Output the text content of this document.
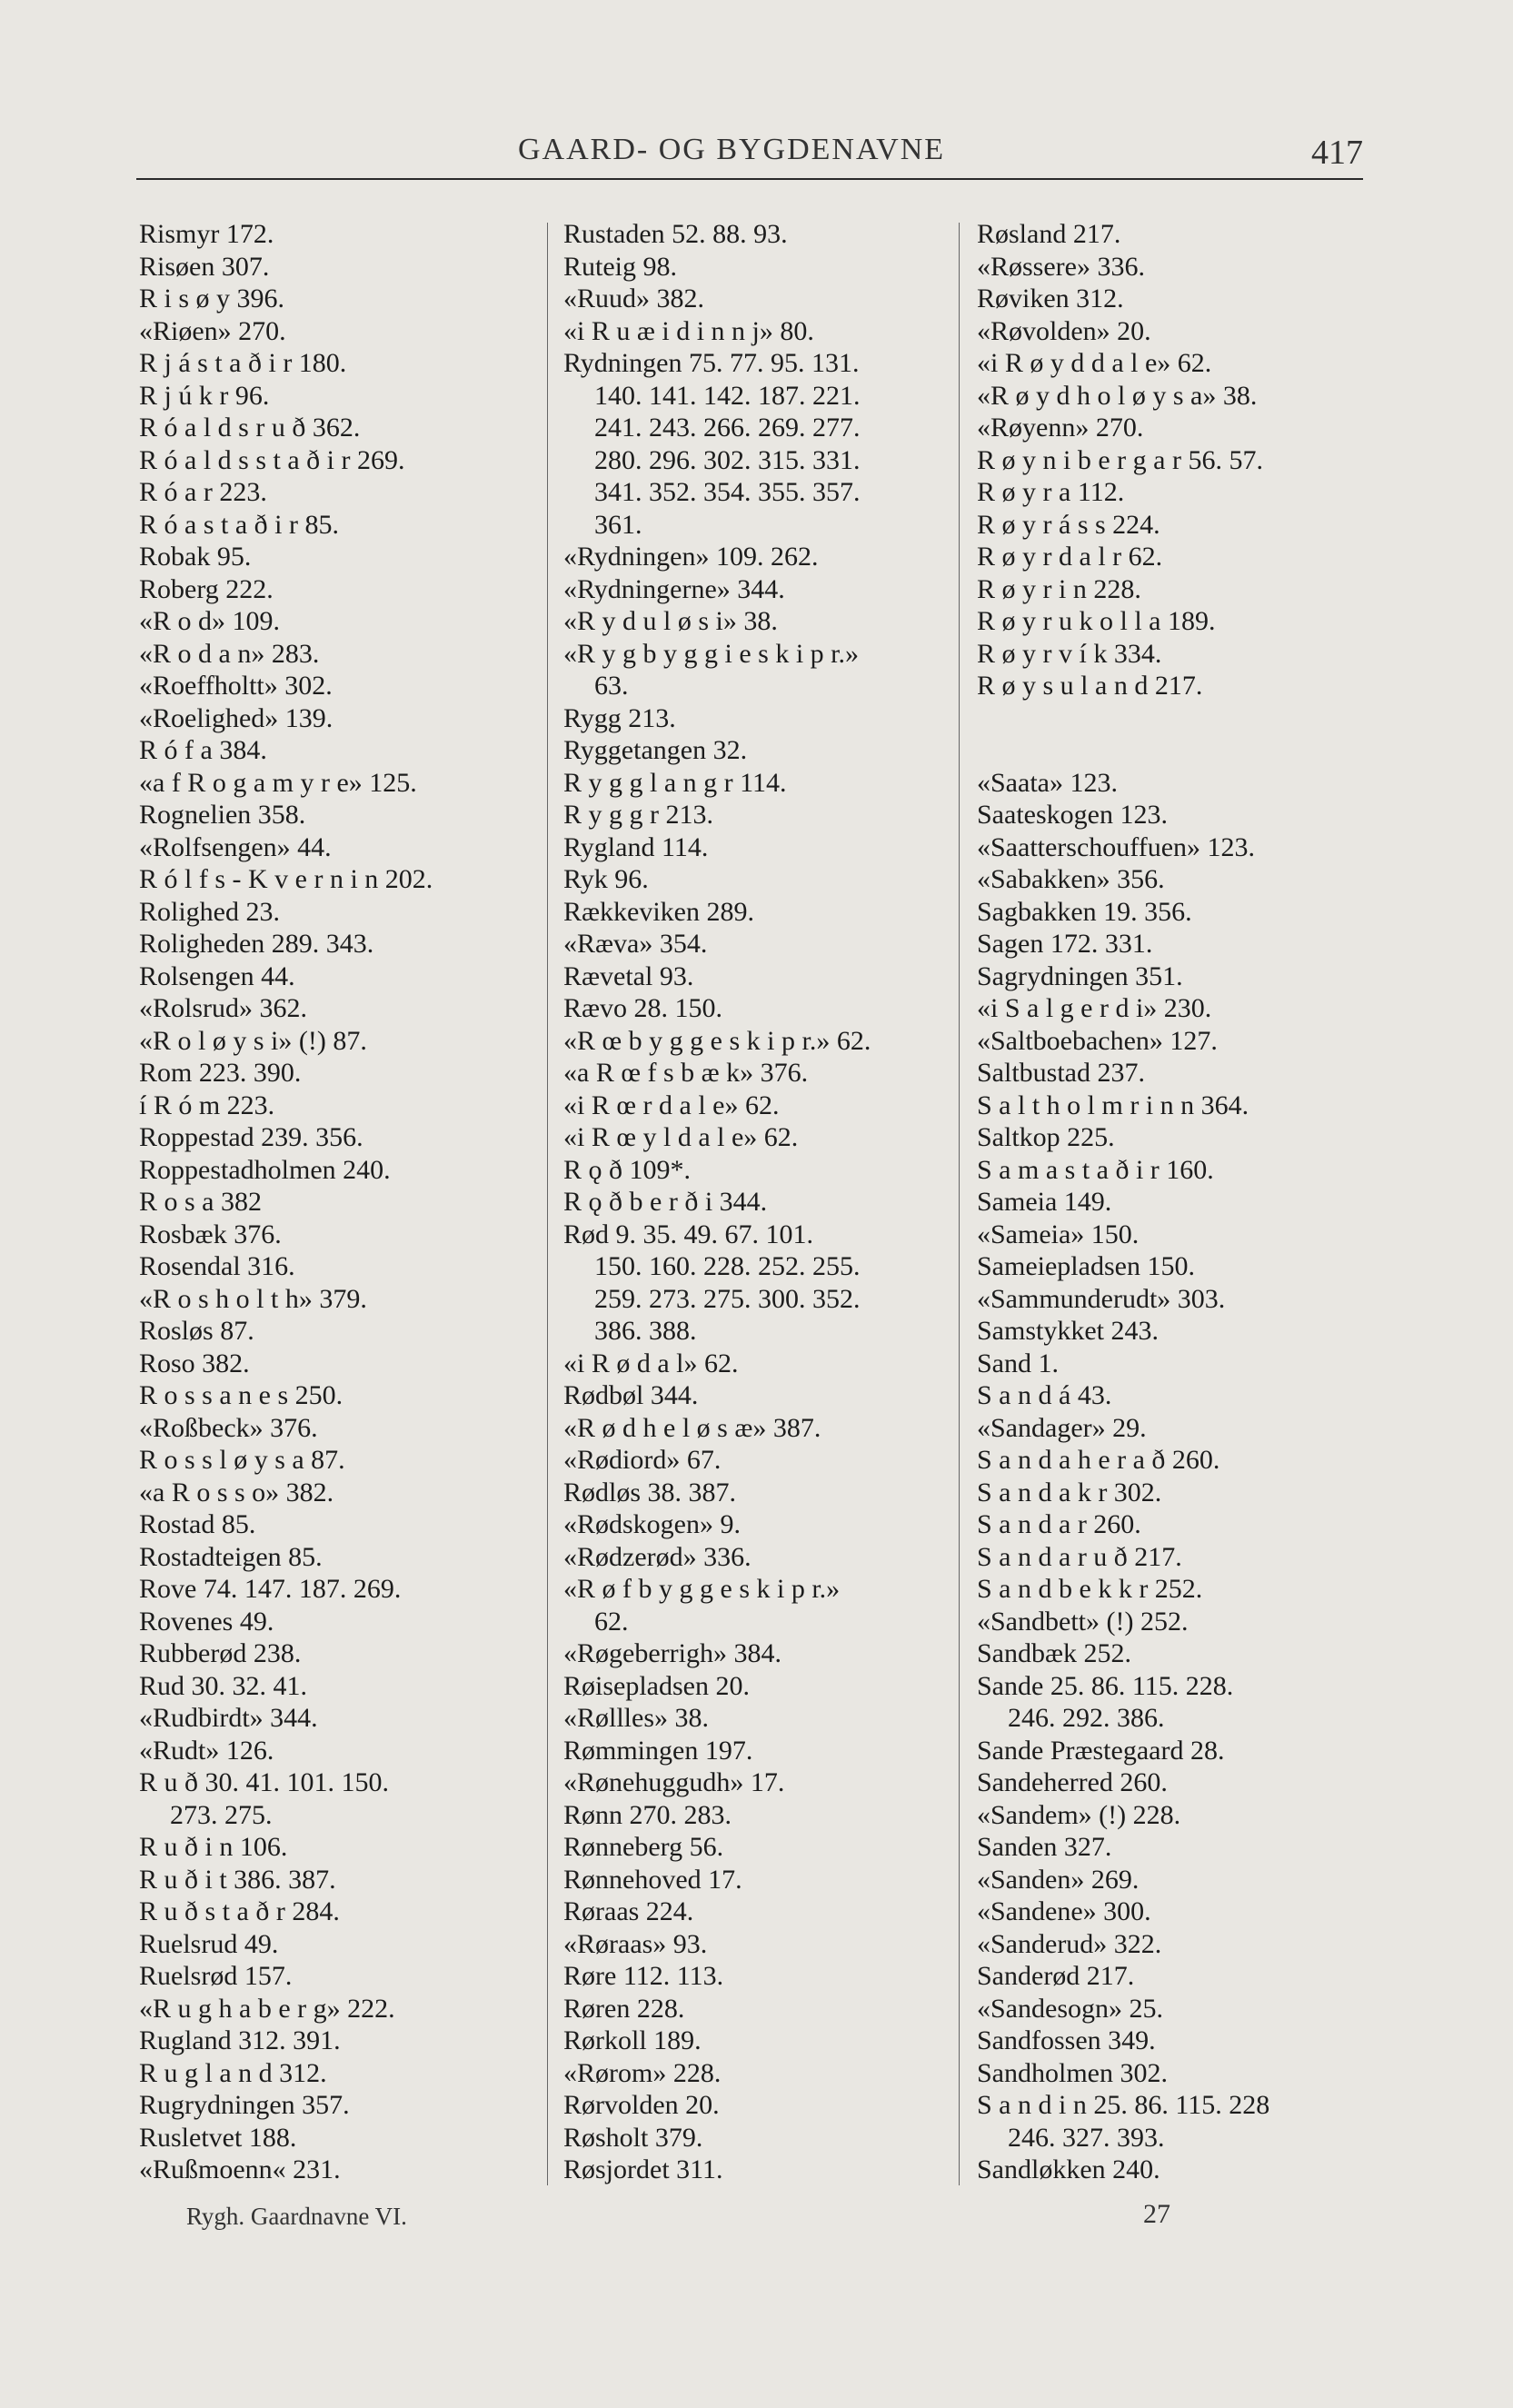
GAARD- OG BYGDENAVNE	417
Rismyr 172.
Risøen 307.
R i s ø y 396.
«Riøen» 270.
R j á s t a ð i r 180.
R j ú k r 96.
R ó a l d s r u ð 362.
R ó a l d s s t a ð i r 269.
R ó a r 223.
R ó a s t a ð i r 85.
Robak 95.
Roberg 222.
«R o d» 109.
«R o d a n» 283.
«Roeffholtt» 302.
«Roelighed» 139.
R ó f a 384.
«a f R o g a m y r e» 125.
Rognelien 358.
«Rolfsengen» 44.
R ó l f s - K v e r n i n 202.
Rolighed 23.
Roligheden 289. 343.
Rolsengen 44.
«Rolsrud» 362.
«R o l ø y s i» (!) 87.
Rom 223. 390.
í R ó m 223.
Roppestad 239. 356.
Roppestadholmen 240.
R o s a 382
Rosbæk 376.
Rosendal 316.
«R o s h o l t h» 379.
Rosløs 87.
Roso 382.
R o s s a n e s 250.
«Roßbeck» 376.
R o s s l ø y s a 87.
«a R o s s o» 382.
Rostad 85.
Rostadteigen 85.
Rove 74. 147. 187. 269.
Rovenes 49.
Rubberød 238.
Rud 30. 32. 41.
«Rudbirdt» 344.
«Rudt» 126.
R u ð 30. 41. 101. 150.
273. 275.
R u ð i n 106.
R u ð i t 386. 387.
R u ð s t a ð r 284.
Ruelsrud 49.
Ruelsrød 157.
«R u g h a b e r g» 222.
Rugland 312. 391.
R u g l a n d 312.
Rugrydningen 357.
Rusletvet 188.
«Rußmoenn« 231.
Rustaden 52. 88. 93.
Ruteig 98.
«Ruud» 382.
«i R u æ i d i n n j» 80.
Rydningen 75. 77. 95. 131.
140. 141. 142. 187. 221.
241. 243. 266. 269. 277.
280. 296. 302. 315. 331.
341. 352. 354. 355. 357.
361.
«Rydningen» 109. 262.
«Rydningerne» 344.
«R y d u l ø s i» 38.
«R y g b y g g i e s k i p r.»
63.
Rygg 213.
Ryggetangen 32.
R y g g l a n g r 114.
R y g g r 213.
Rygland 114.
Ryk 96.
Rækkeviken 289.
«Ræva» 354.
Rævetal 93.
Rævo 28. 150.
«R œ b y g g e s k i p r.» 62.
«a R œ f s b æ k» 376.
«i R œ r d a l e» 62.
«i R œ y l d a l e» 62.
R ǫ ð 109*.
R ǫ ð b e r ð i 344.
Rød 9. 35. 49. 67. 101.
150. 160. 228. 252. 255.
259. 273. 275. 300. 352.
386. 388.
«i R ø d a l» 62.
Rødbøl 344.
«R ø d h e l ø s æ» 387.
«Rødiord» 67.
Rødløs 38. 387.
«Rødskogen» 9.
«Rødzerød» 336.
«R ø f b y g g e s k i p r.»
62.
«Røgeberrigh» 384.
Røisepladsen 20.
«Røllles» 38.
Rømmingen 197.
«Rønehuggudh» 17.
Rønn 270. 283.
Rønneberg 56.
Rønnehoved 17.
Røraas 224.
«Røraas» 93.
Røre 112. 113.
Røren 228.
Rørkoll 189.
«Rørom» 228.
Rørvolden 20.
Røsholt 379.
Røsjordet 311.
Røsland 217.
«Røssere» 336.
Røviken 312.
«Røvolden» 20.
«i R ø y d d a l e» 62.
«R ø y d h o l ø y s a» 38.
«Røyenn» 270.
R ø y n i b e r g a r 56. 57.
R ø y r a 112.
R ø y r á s s 224.
R ø y r d a l r 62.
R ø y r i n 228.
R ø y r u k o l l a 189.
R ø y r v í k 334.
R ø y s u l a n d 217.
«Saata» 123.
Saateskogen 123.
«Saatterschouffuen» 123.
«Sabakken» 356.
Sagbakken 19. 356.
Sagen 172. 331.
Sagrydningen 351.
«i S a l g e r d i» 230.
«Saltboebachen» 127.
Saltbustad 237.
S a l t h o l m r i n n 364.
Saltkop 225.
S a m a s t a ð i r 160.
Sameia 149.
«Sameia» 150.
Sameiepladsen 150.
«Sammunderudt» 303.
Samstykket 243.
Sand 1.
S a n d á 43.
«Sandager» 29.
S a n d a h e r a ð 260.
S a n d a k r 302.
S a n d a r 260.
S a n d a r u ð 217.
S a n d b e k k r 252.
«Sandbett» (!) 252.
Sandbæk 252.
Sande 25. 86. 115. 228.
246. 292. 386.
Sande Præstegaard 28.
Sandeherred 260.
«Sandem» (!) 228.
Sanden 327.
«Sanden» 269.
«Sandene» 300.
«Sanderud» 322.
Sanderød 217.
«Sandesogn» 25.
Sandfossen 349.
Sandholmen 302.
S a n d i n 25. 86. 115. 228
246. 327. 393.
Sandløkken 240.
Rygh. Gaardnavne VI.	27
